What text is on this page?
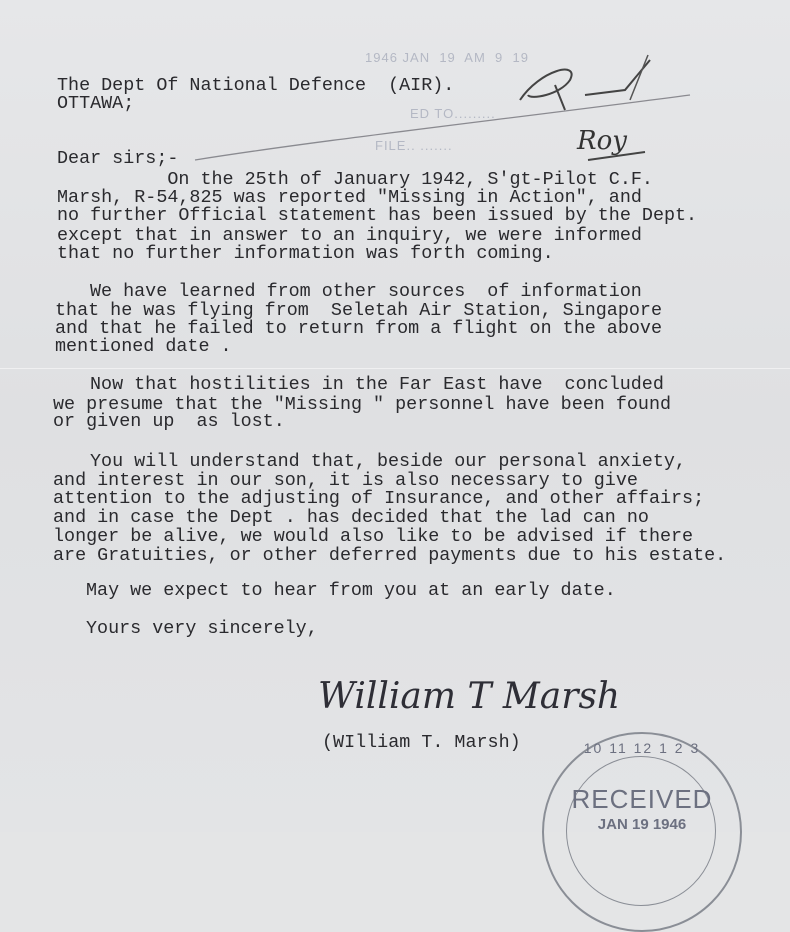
1946 JAN  19  AM  9  19
ED TO.........
FILE.. .......	Roy
The Dept Of National Defence  (AIR).
OTTAWA;
Dear sirs;-
On the 25th of January 1942, S'gt-Pilot C.F.
Marsh, R-54,825 was reported "Missing in Action", and
no further Official statement has been issued by the Dept.
except that in answer to an inquiry, we were informed
that no further information was forth coming.
We have learned from other sources  of information
that he was flying from  Seletah Air Station, Singapore
and that he failed to return from a flight on the above
mentioned date .
Now that hostilities in the Far East have  concluded
we presume that the "Missing " personnel have been found
or given up  as lost.
You will understand that, beside our personal anxiety,
and interest in our son, it is also necessary to give
attention to the adjusting of Insurance, and other affairs;
and in case the Dept . has decided that the lad can no
longer be alive, we would also like to be advised if there
are Gratuities, or other deferred payments due to his estate.
May we expect to hear from you at an early date.
Yours very sincerely,
William T Marsh
(WIlliam T. Marsh)	10 11 12 1 2 3
RECEIVED
JAN 19 1946
